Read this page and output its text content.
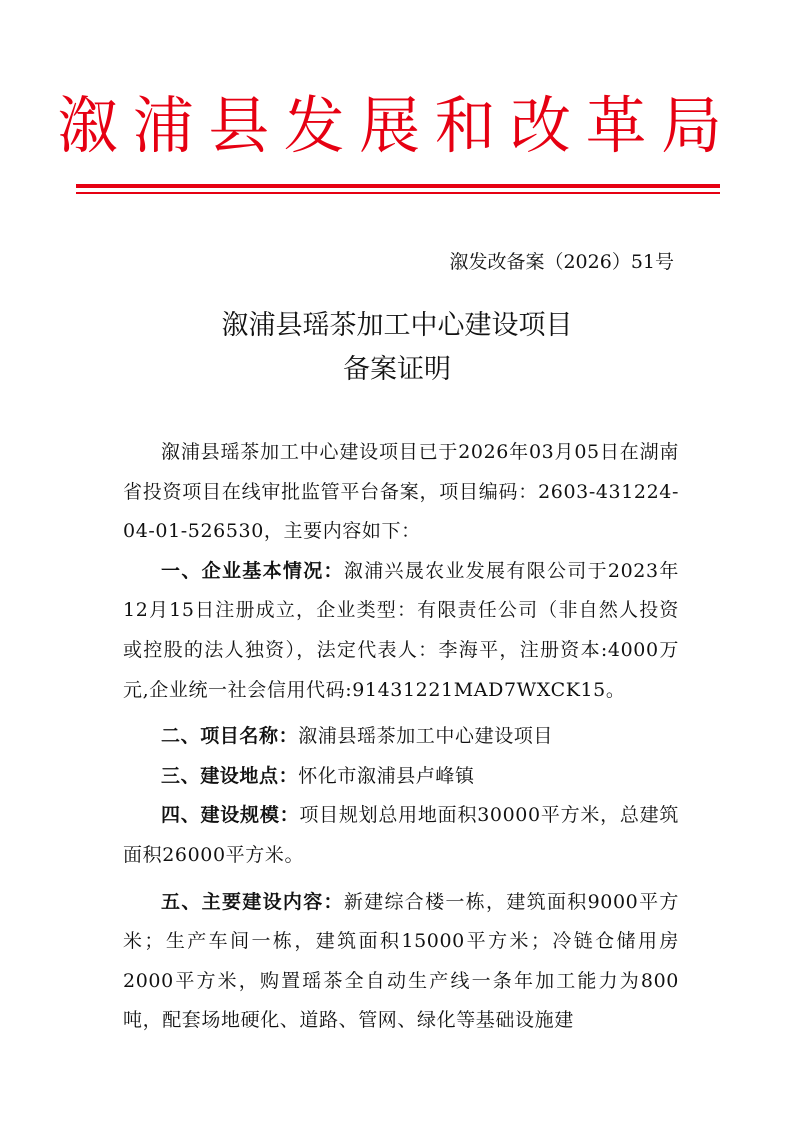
溆浦县发展和改革局
溆发改备案（2026）51号
溆浦县瑶茶加工中心建设项目
备案证明

溆浦县瑶茶加工中心建设项目已于2026年03月05日在湖南省投资项目在线审批监管平台备案，项目编码：2603-431224-04-01-526530，主要内容如下：

一、企业基本情况：溆浦兴晟农业发展有限公司于2023年12月15日注册成立，企业类型：有限责任公司（非自然人投资或控股的法人独资），法定代表人：李海平，注册资本:4000万元,企业统一社会信用代码:91431221MAD7WXCK15。

二、项目名称：溆浦县瑶茶加工中心建设项目

三、建设地点：怀化市溆浦县卢峰镇

四、建设规模：项目规划总用地面积30000平方米，总建筑面积26000平方米。

五、主要建设内容：新建综合楼一栋，建筑面积9000平方米；生产车间一栋，建筑面积15000平方米；冷链仓储用房2000平方米，购置瑶茶全自动生产线一条年加工能力为800吨，配套场地硬化、道路、管网、绿化等基础设施建
